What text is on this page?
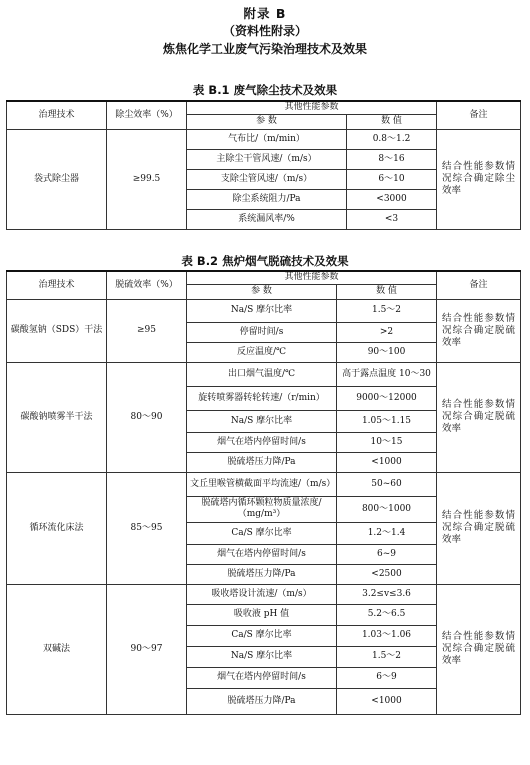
附录 B
（资料性附录）
炼焦化学工业废气污染治理技术及效果
表 B.1 废气除尘技术及效果
治理技术	除尘效率（%）	其他性能参数		备注
		参 数	数 值	
袋式除尘器	≥99.5	气布比/（m/min）	0.8～1.2	结合性能参数情况综合确定除尘效率
		主除尘干管风速/（m/s）	8～16	
		支除尘管风速/（m/s）	6～10	
		除尘系统阻力/Pa	<3000	
		系统漏风率/%	<3	
表 B.2 焦炉烟气脱硫技术及效果
治理技术	脱硫效率（%）	其他性能参数		备注
		参 数	数 值	
碳酸氢钠（SDS）干法	≥95	Na/S 摩尔比率	1.5～2	结合性能参数情况综合确定脱硫效率
		停留时间/s	>2	
		反应温度/℃	90～100	
碳酸钠喷雾半干法	80～90	出口烟气温度/℃	高于露点温度 10～30	结合性能参数情况综合确定脱硫效率
		旋转喷雾器转轮转速/（r/min）	9000～12000	
		Na/S 摩尔比率	1.05～1.15	
		烟气在塔内停留时间/s	10～15	
		脱硫塔压力降/Pa	<1000	
循环流化床法	85～95	文丘里喉管横截面平均流速/（m/s）	50~60	结合性能参数情况综合确定脱硫效率
		脱硫塔内循环颗粒物质量浓度/（mg/m³）	800～1000	
		Ca/S 摩尔比率	1.2～1.4	
		烟气在塔内停留时间/s	6~9	
		脱硫塔压力降/Pa	<2500	
双碱法	90～97	吸收塔设计流速/（m/s）	3.2≤v≤3.6	结合性能参数情况综合确定脱硫效率
		吸收液 pH 值	5.2～6.5	
		Ca/S 摩尔比率	1.03～1.06	
		Na/S 摩尔比率	1.5～2	
		烟气在塔内停留时间/s	6～9	
		脱硫塔压力降/Pa	<1000	
